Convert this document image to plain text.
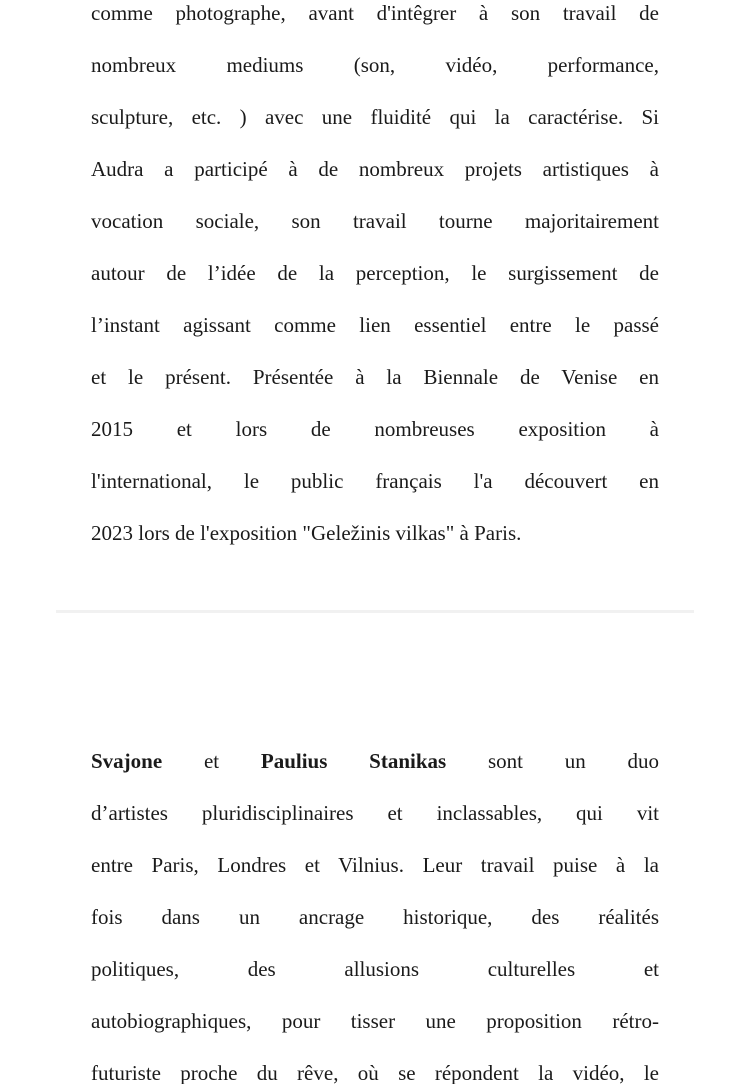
comme photographe, avant d'intêgrer à son travail de
nombreux mediums (son, vidéo, performance,
sculpture, etc. ) avec une fluidité qui la caractérise. Si
Audra a participé à de nombreux projets artistiques à
vocation sociale, son travail tourne majoritairement
autour de l’idée de la perception, le surgissement de
l’instant agissant comme lien essentiel entre le passé
et le présent. Présentée à la Biennale de Venise en
2015 et lors de nombreuses exposition à
l'international, le public français l'a découvert en
2023 lors de l'exposition "Geležinis vilkas" à Paris.
Svajone et Paulius Stanikas sont un duo
d’artistes pluridisciplinaires et inclassables, qui vit
entre Paris, Londres et Vilnius. Leur travail puise à la
fois dans un ancrage historique, des réalités
politiques, des allusions culturelles et
autobiographiques, pour tisser une proposition rétro-
futuriste proche du rêve, où se répondent la vidéo, le
